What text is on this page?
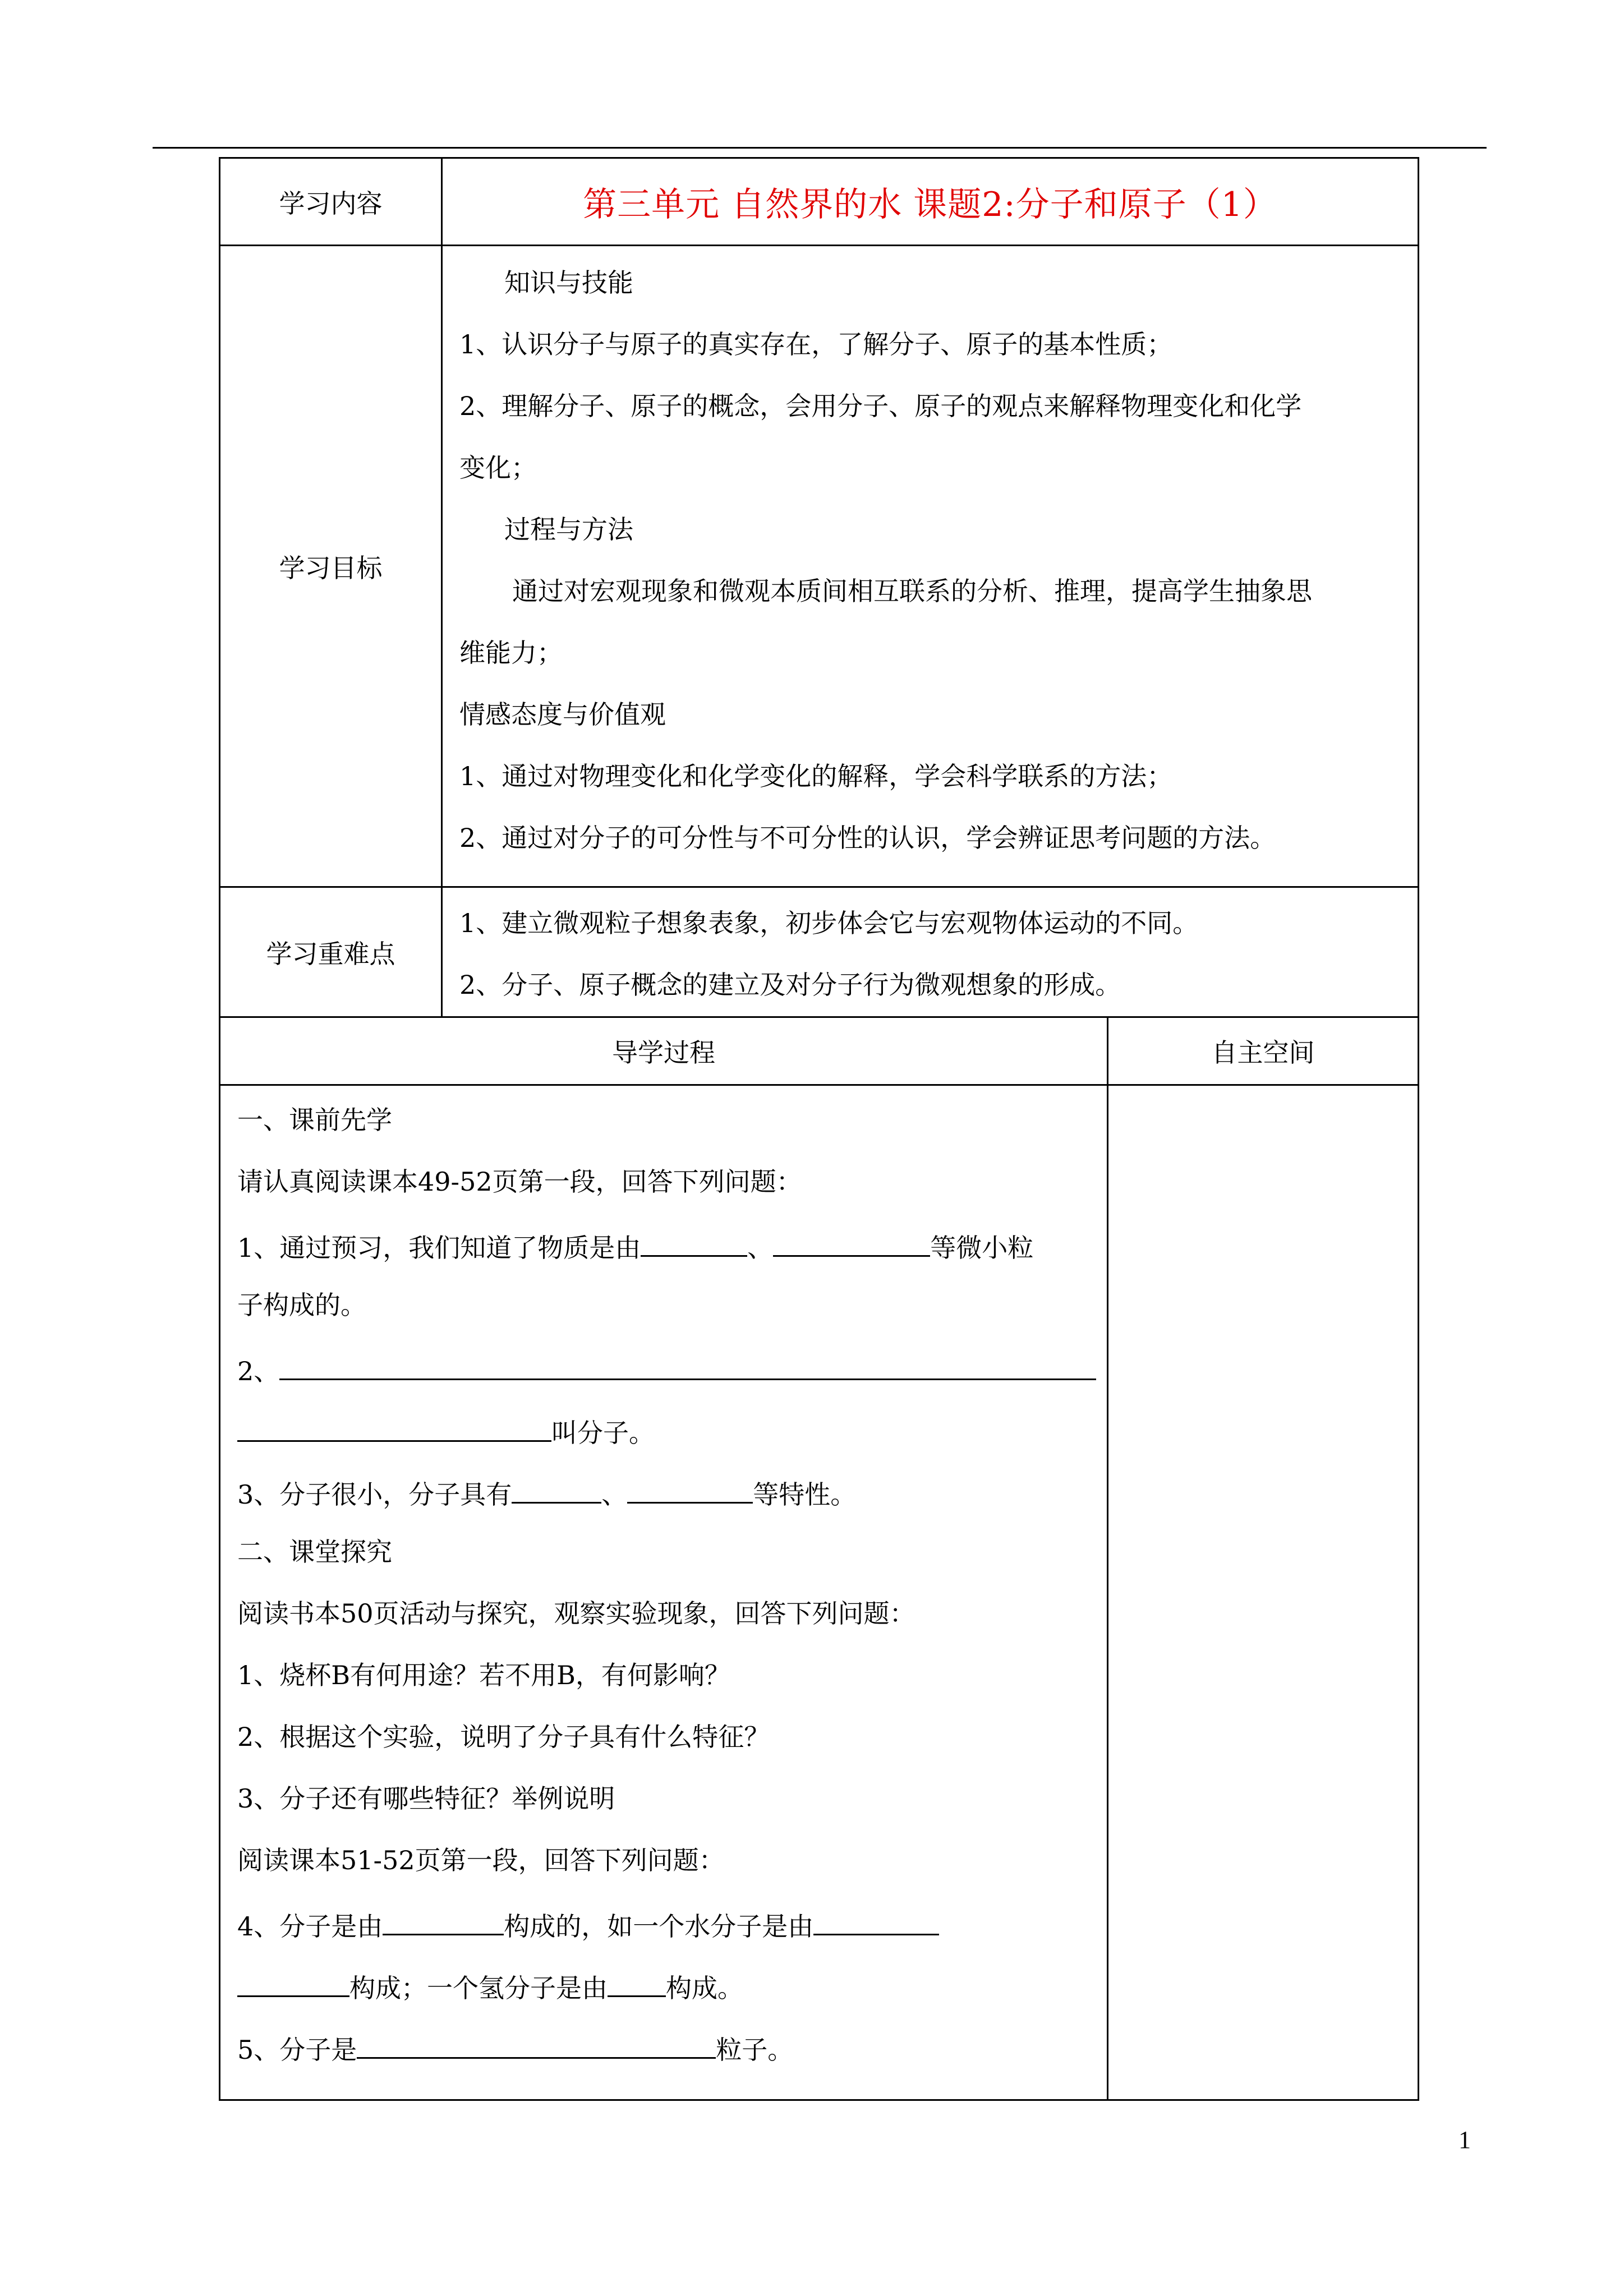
学习内容	第三单元 自然界的水 课题2:分子和原子（1）
学习目标
知识与技能
1、认识分子与原子的真实存在，了解分子、原子的基本性质；
2、理解分子、原子的概念，会用分子、原子的观点来解释物理变化和化学
变化；
过程与方法
通过对宏观现象和微观本质间相互联系的分析、推理，提高学生抽象思
维能力；
情感态度与价值观
1、通过对物理变化和化学变化的解释，学会科学联系的方法；
2、通过对分子的可分性与不可分性的认识，学会辨证思考问题的方法。
学习重难点
1、建立微观粒子想象表象，初步体会它与宏观物体运动的不同。
2、分子、原子概念的建立及对分子行为微观想象的形成。
导学过程	自主空间
一、课前先学
请认真阅读课本49-52页第一段，回答下列问题：
1、通过预习，我们知道了物质是由	、	等微小粒
子构成的。
2、
叫分子。
3、分子很小，分子具有	、	等特性。
二、课堂探究
阅读书本50页活动与探究，观察实验现象，回答下列问题：
1、烧杯B有何用途？若不用B，有何影响？
2、根据这个实验，说明了分子具有什么特征？
3、分子还有哪些特征？举例说明
阅读课本51-52页第一段，回答下列问题：
4、分子是由	构成的，如一个水分子是由
构成；一个氢分子是由 构成。
5、分子是	粒子。
1
